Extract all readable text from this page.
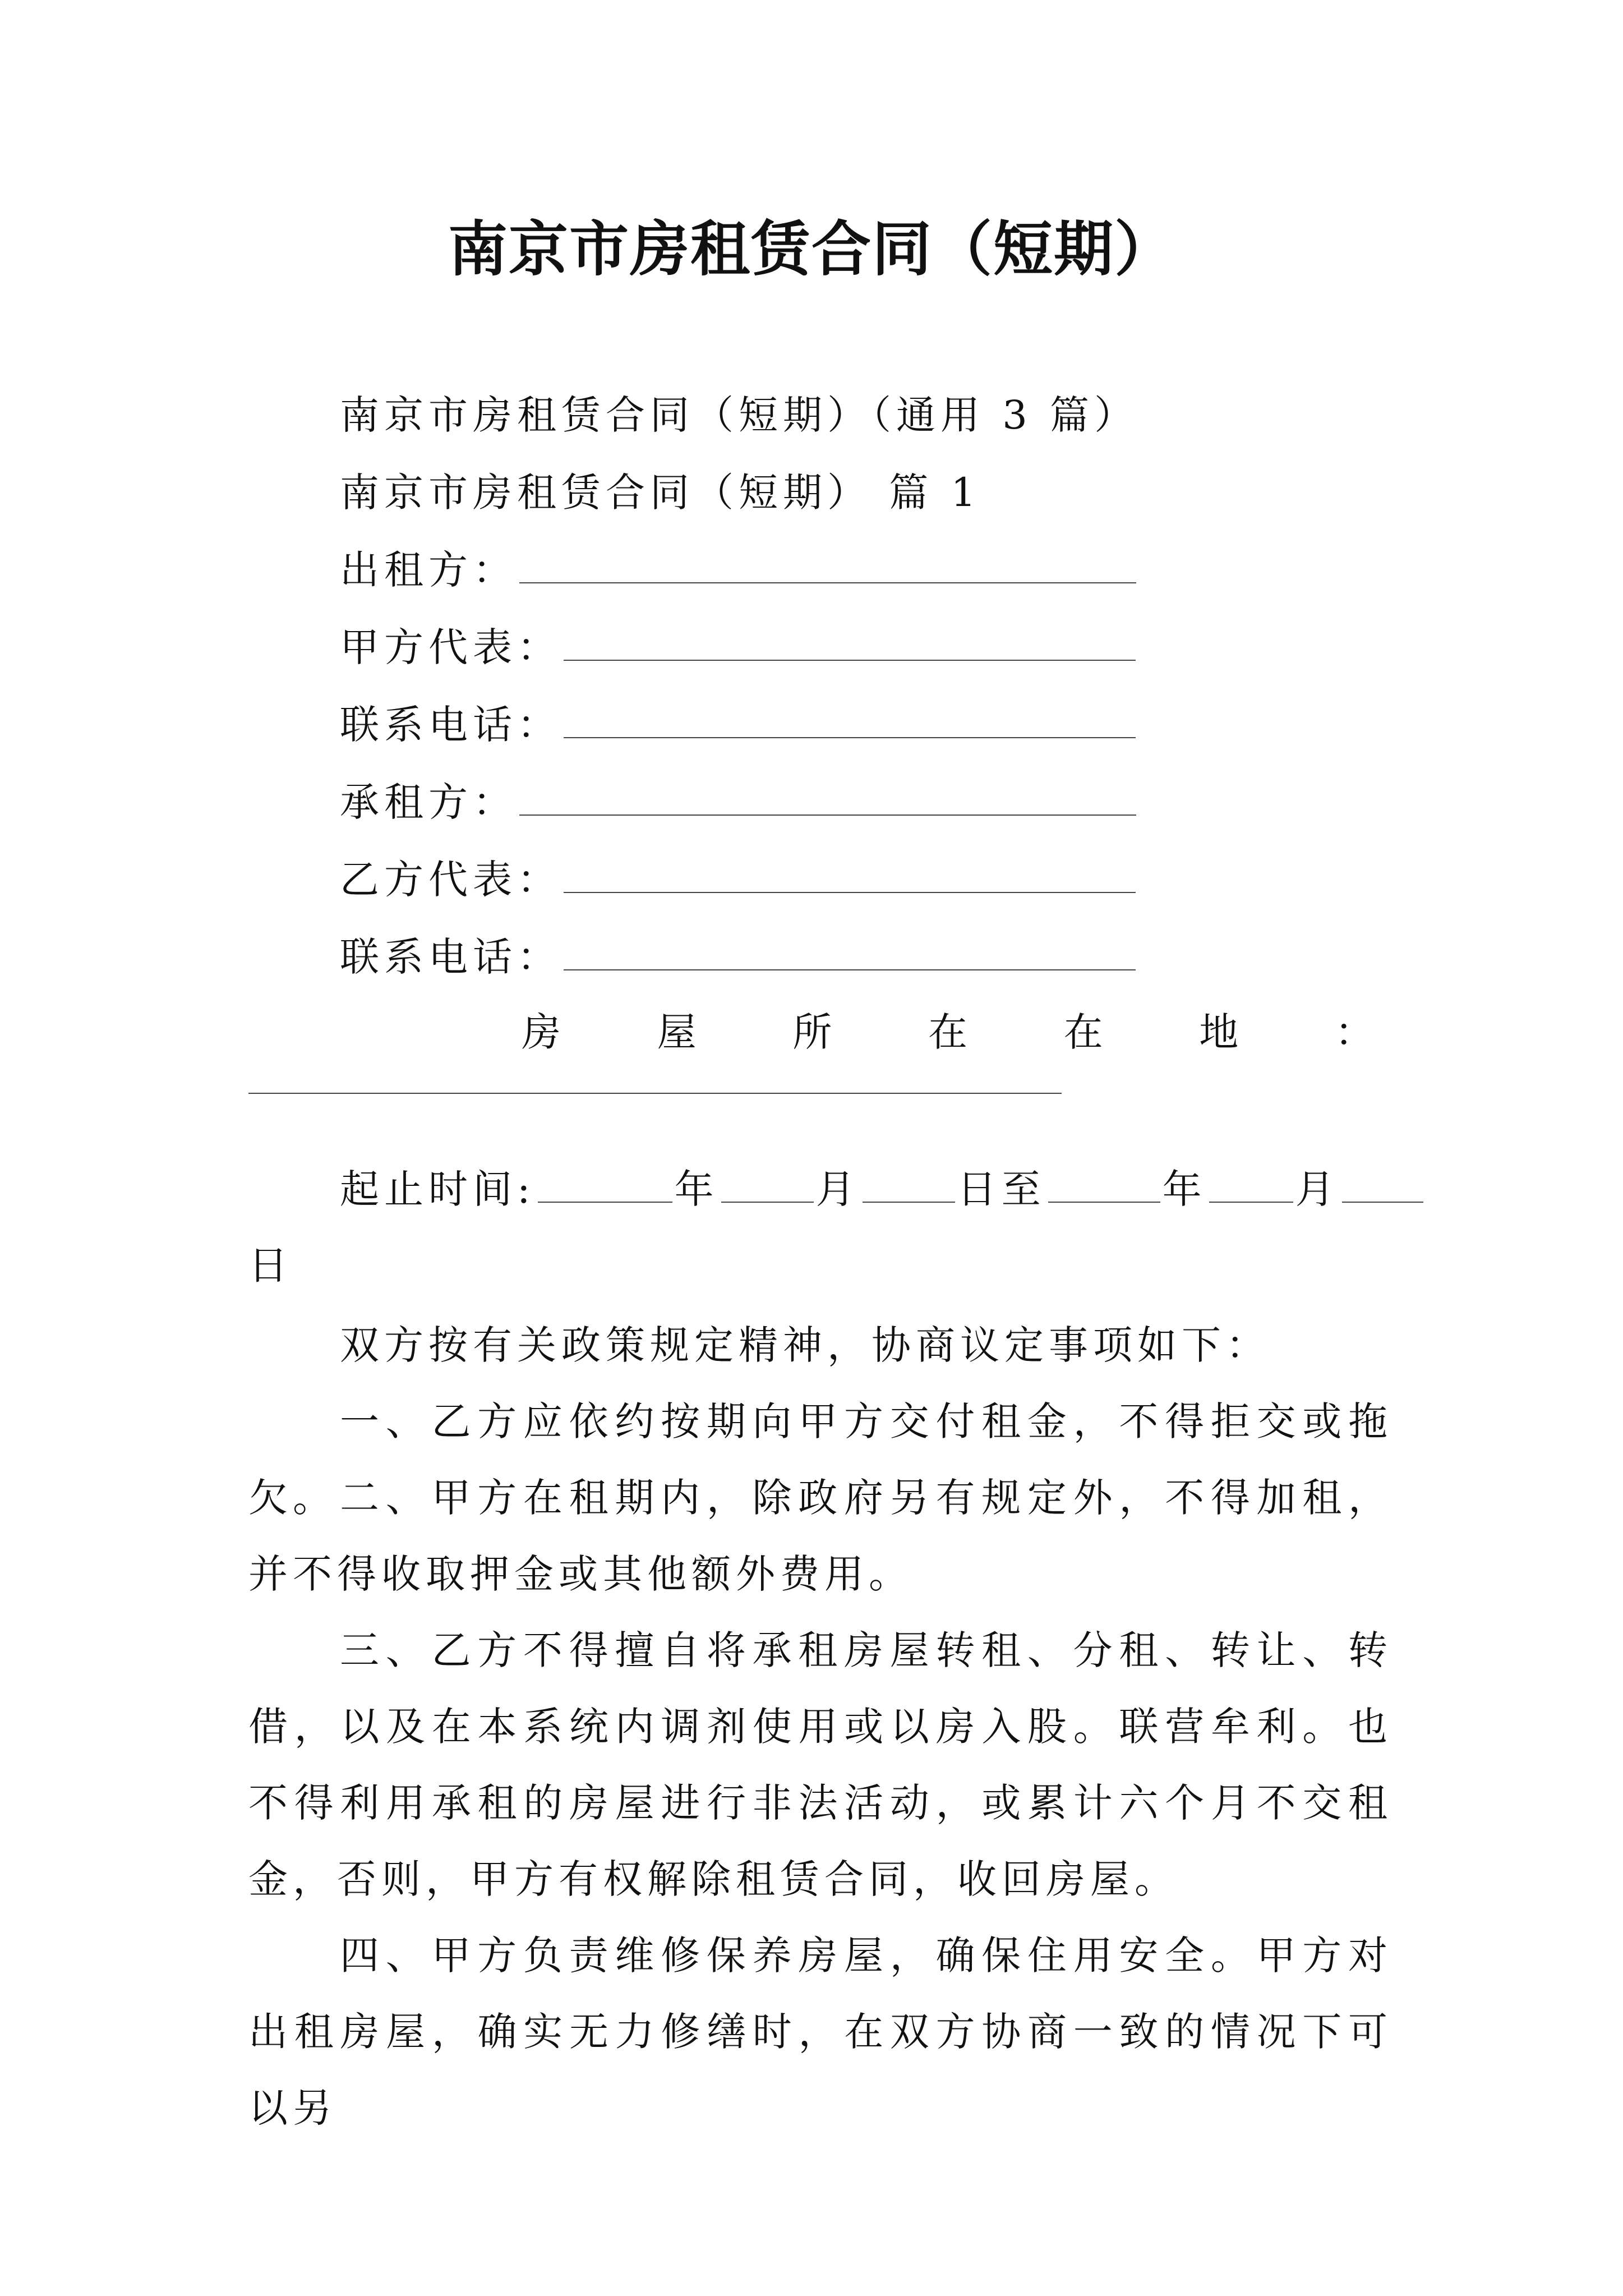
南京市房租赁合同（短期）
南京市房租赁合同（短期）（通用 3 篇）
南京市房租赁合同（短期） 篇 1
出租方：
甲方代表：
联系电话：
承租方：
乙方代表：
联系电话：
房 屋 所 在 在 地 ：
起止时间:	年 月 日至	年 月
日
双方按有关政策规定精神，协商议定事项如下：
一、乙方应依约按期向甲方交付租金，不得拒交或拖欠。 二、甲方在租期内，除政府另有规定外，不得加租，并不得收取押金或其他额外费用。
三、乙方不得擅自将承租房屋转租、分租、转让、转借，以及在本系统内调剂使用或以房入股。联营牟利。也不得利用承租的房屋进行非法活动，或累计六个月不交租金，否则，甲方有权解除租赁合同，收回房屋。
四、甲方负责维修保养房屋，确保住用安全。甲方对出租房屋，确实无力修缮时，在双方协商一致的情况下可以另
